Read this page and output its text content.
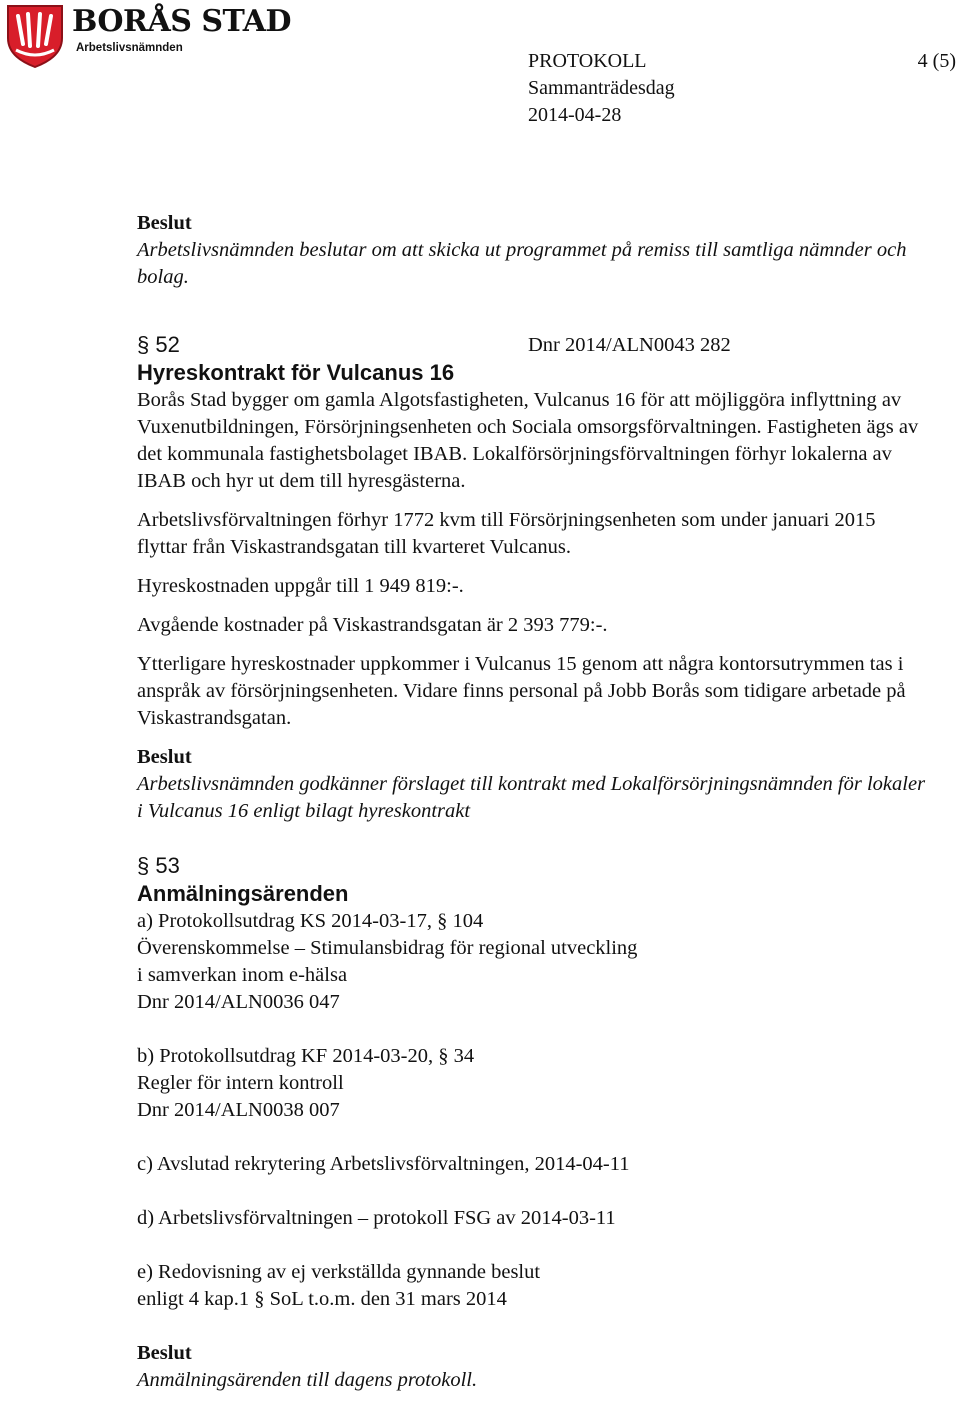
BORÅS STAD
Arbetslivsnämnden
PROTOKOLL
Sammanträdesdag
2014-04-28
4 (5)

Beslut

Arbetslivsnämnden beslutar om att skicka ut programmet på remiss till samtliga nämnder och bolag.

§ 52	Dnr 2014/ALN0043 282

Hyreskontrakt för Vulcanus 16

Borås Stad bygger om gamla Algotsfastigheten, Vulcanus 16 för att möjliggöra inflyttning av Vuxenutbildningen, Försörjningsenheten och Sociala omsorgsförvaltningen. Fastigheten ägs av det kommunala fastighetsbolaget IBAB. Lokalförsörjningsförvaltningen förhyr lokalerna av IBAB och hyr ut dem till hyresgästerna.

Arbetslivsförvaltningen förhyr 1772 kvm till Försörjningsenheten som under januari 2015 flyttar från Viskastrandsgatan till kvarteret Vulcanus.

Hyreskostnaden uppgår till 1 949 819:-.

Avgående kostnader på Viskastrandsgatan är 2 393 779:-.

Ytterligare hyreskostnader uppkommer i Vulcanus 15 genom att några kontorsutrymmen tas i anspråk av försörjningsenheten. Vidare finns personal på Jobb Borås som tidigare arbetade på Viskastrandsgatan.

Beslut

Arbetslivsnämnden godkänner förslaget till kontrakt med Lokalförsörjningsnämnden för lokaler i Vulcanus 16 enligt bilagt hyreskontrakt

§ 53

Anmälningsärenden

a) Protokollsutdrag KS 2014-03-17, § 104

Överenskommelse – Stimulansbidrag för regional utveckling

i samverkan inom e-hälsa

Dnr 2014/ALN0036 047

b) Protokollsutdrag KF 2014-03-20, § 34

Regler för intern kontroll

Dnr 2014/ALN0038 007

c) Avslutad rekrytering Arbetslivsförvaltningen, 2014-04-11

d) Arbetslivsförvaltningen – protokoll FSG av 2014-03-11

e) Redovisning av ej verkställda gynnande beslut

enligt 4 kap.1 § SoL t.o.m. den 31 mars 2014

Beslut

Anmälningsärenden till dagens protokoll.
